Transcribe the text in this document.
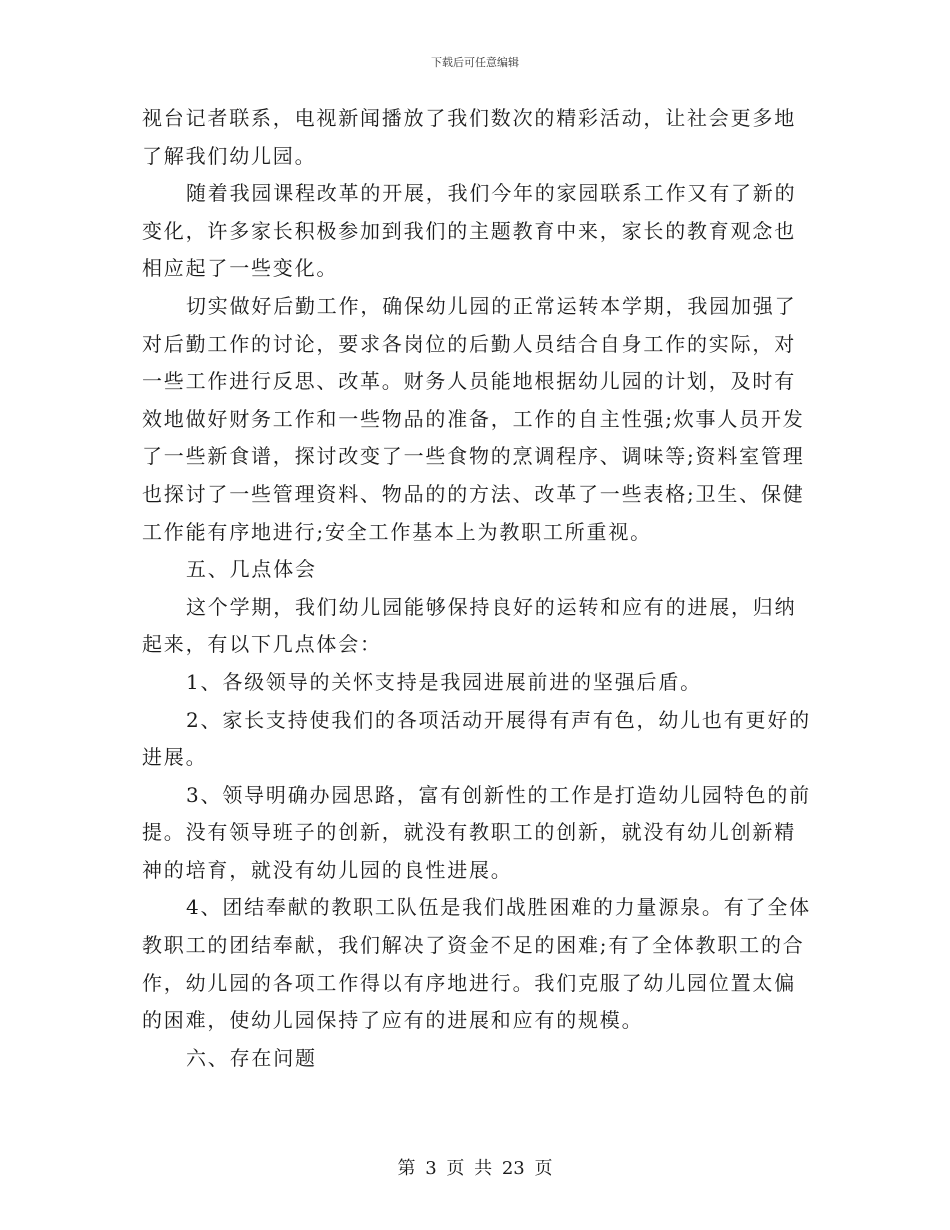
下载后可任意编辑
视台记者联系，电视新闻播放了我们数次的精彩活动，让社会更多地
了解我们幼儿园。
随着我园课程改革的开展，我们今年的家园联系工作又有了新的
变化，许多家长积极参加到我们的主题教育中来，家长的教育观念也
相应起了一些变化。
切实做好后勤工作，确保幼儿园的正常运转本学期，我园加强了
对后勤工作的讨论，要求各岗位的后勤人员结合自身工作的实际，对
一些工作进行反思、改革。财务人员能地根据幼儿园的计划，及时有
效地做好财务工作和一些物品的准备，工作的自主性强;炊事人员开发
了一些新食谱，探讨改变了一些食物的烹调程序、调味等;资料室管理
也探讨了一些管理资料、物品的的方法、改革了一些表格;卫生、保健
工作能有序地进行;安全工作基本上为教职工所重视。
五、几点体会
这个学期，我们幼儿园能够保持良好的运转和应有的进展，归纳
起来，有以下几点体会：
1、各级领导的关怀支持是我园进展前进的坚强后盾。
2、家长支持使我们的各项活动开展得有声有色，幼儿也有更好的
进展。
3、领导明确办园思路，富有创新性的工作是打造幼儿园特色的前
提。没有领导班子的创新，就没有教职工的创新，就没有幼儿创新精
神的培育，就没有幼儿园的良性进展。
4、团结奉献的教职工队伍是我们战胜困难的力量源泉。有了全体
教职工的团结奉献，我们解决了资金不足的困难;有了全体教职工的合
作，幼儿园的各项工作得以有序地进行。我们克服了幼儿园位置太偏
的困难，使幼儿园保持了应有的进展和应有的规模。
六、存在问题
第 3 页 共 23 页
